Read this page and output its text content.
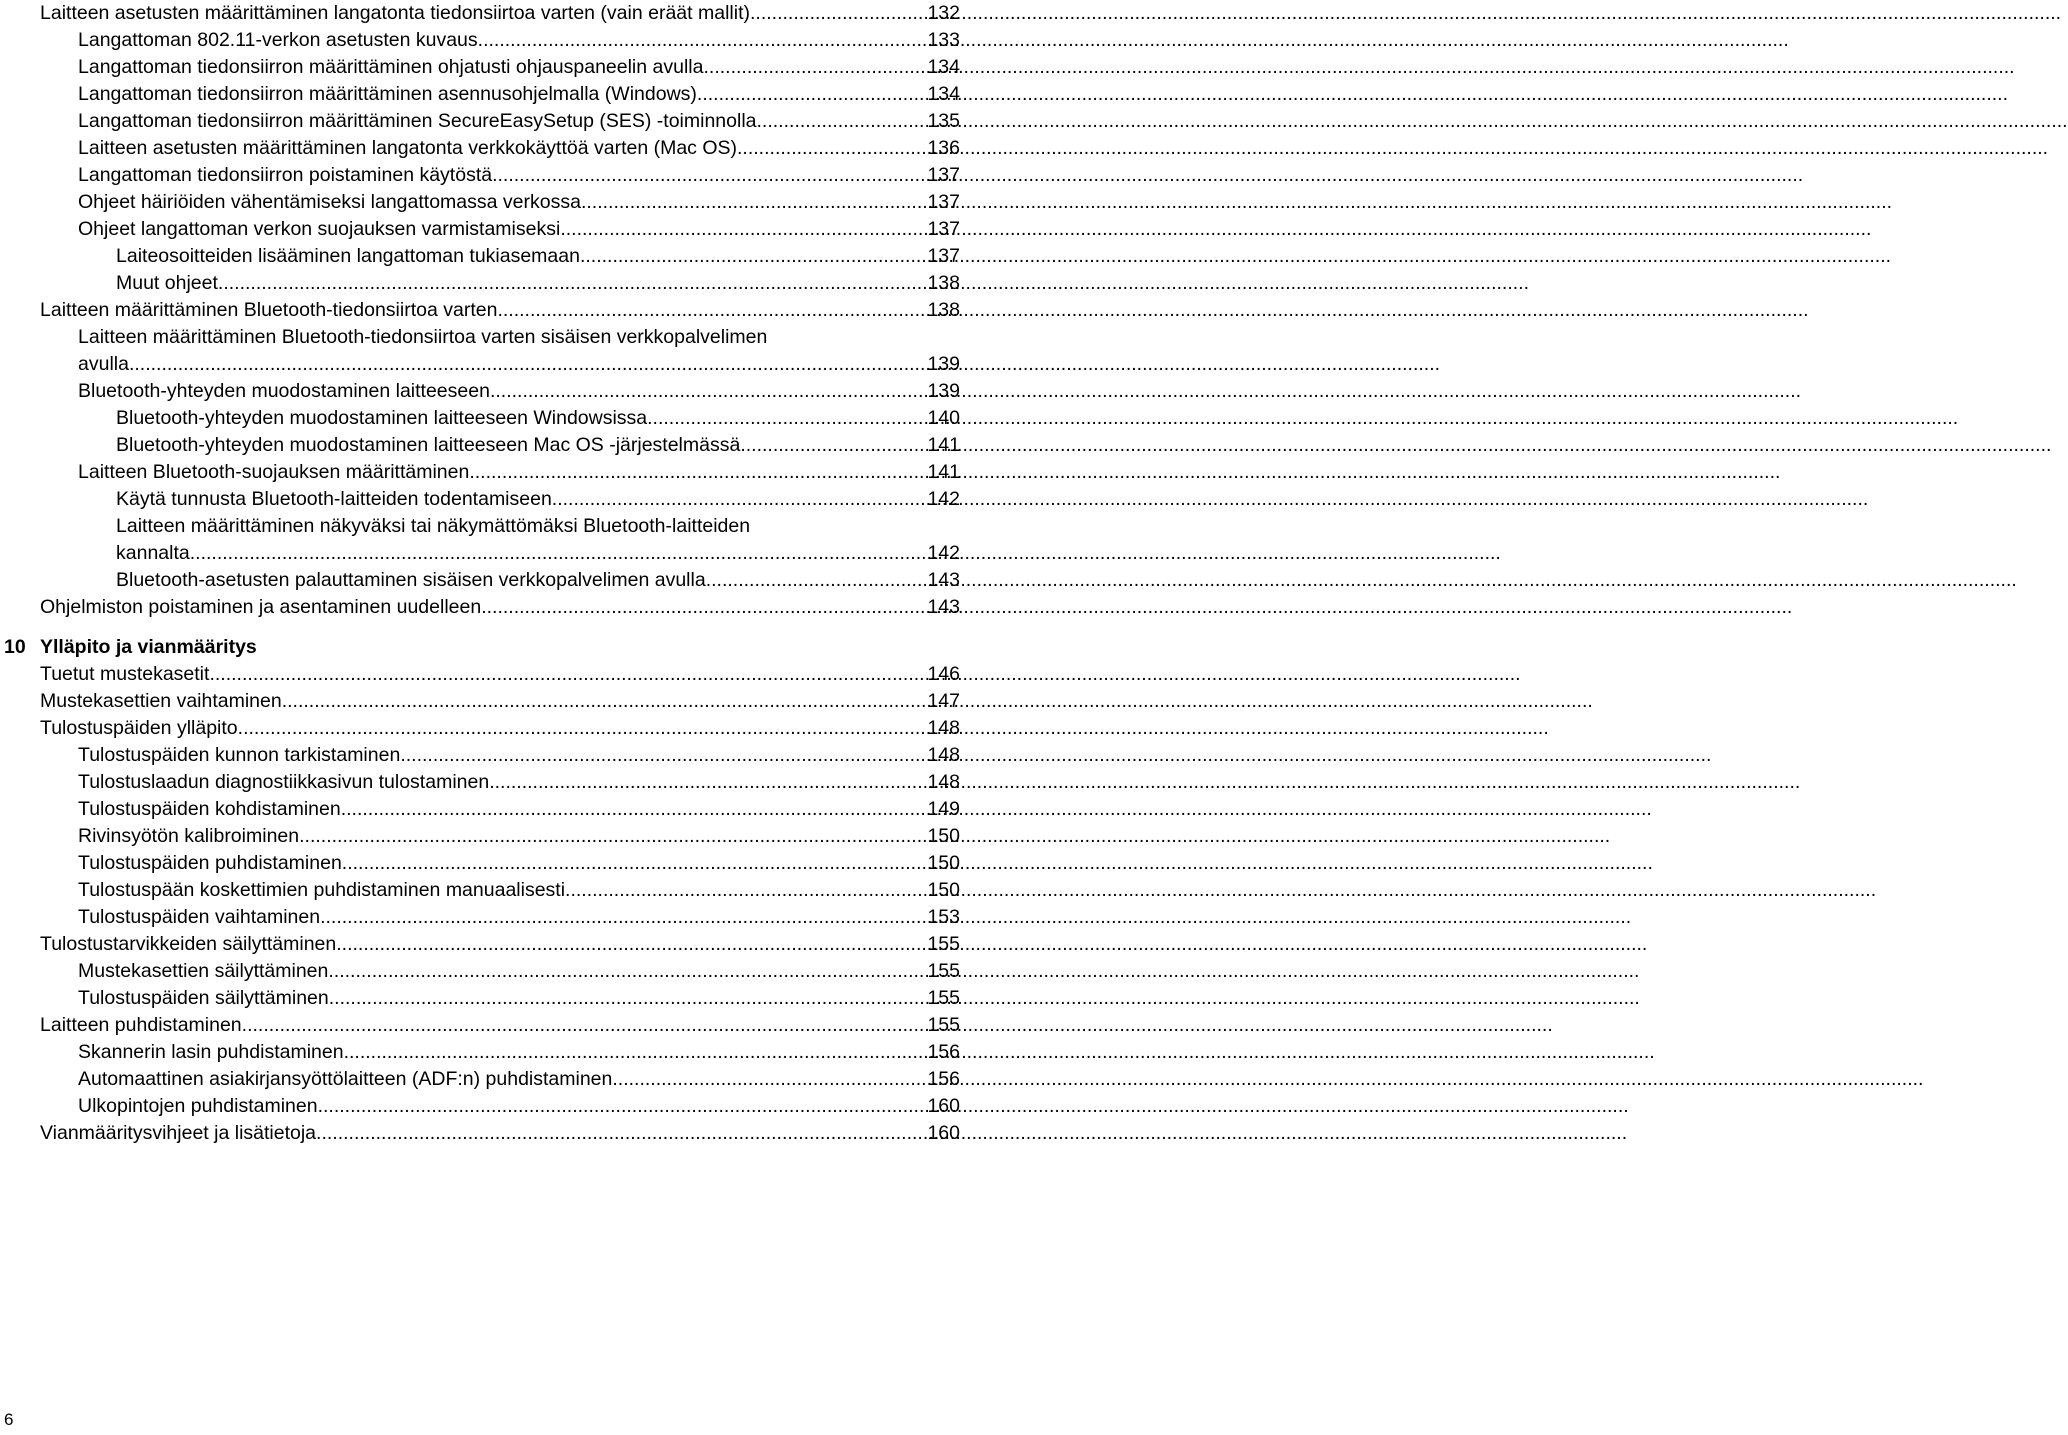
Laitteen asetusten määrittäminen langatonta tiedonsiirtoa varten (vain eräät mallit) .....	132
Langattoman 802.11-verkon asetusten kuvaus .....	133
Langattoman tiedonsiirron määrittäminen ohjatusti ohjauspaneelin avulla .....	134
Langattoman tiedonsiirron määrittäminen asennusohjelmalla (Windows) .....	134
Langattoman tiedonsiirron määrittäminen SecureEasySetup (SES) -toiminnolla .....	135
Laitteen asetusten määrittäminen langatonta verkkokäyttöä varten (Mac OS) .....	136
Langattoman tiedonsiirron poistaminen käytöstä .....	137
Ohjeet häiriöiden vähentämiseksi langattomassa verkossa .....	137
Ohjeet langattoman verkon suojauksen varmistamiseksi .....	137
Laiteosoitteiden lisääminen langattoman tukiasemaan .....	137
Muut ohjeet .....	138
Laitteen määrittäminen Bluetooth-tiedonsiirtoa varten .....	138
Laitteen määrittäminen Bluetooth-tiedonsiirtoa varten sisäisen verkkopalvelimen
avulla .....	139
Bluetooth-yhteyden muodostaminen laitteeseen .....	139
Bluetooth-yhteyden muodostaminen laitteeseen Windowsissa .....	140
Bluetooth-yhteyden muodostaminen laitteeseen Mac OS -järjestelmässä .....	141
Laitteen Bluetooth-suojauksen määrittäminen .....	141
Käytä tunnusta Bluetooth-laitteiden todentamiseen. .....	142
Laitteen määrittäminen näkyväksi tai näkymättömäksi Bluetooth-laitteiden
kannalta .....	142
Bluetooth-asetusten palauttaminen sisäisen verkkopalvelimen avulla .....	143
Ohjelmiston poistaminen ja asentaminen uudelleen .....	143
10 Ylläpito ja vianmääritys
Tuetut mustekasetit .....	146
Mustekasettien vaihtaminen .....	147
Tulostuspäiden ylläpito .....	148
Tulostuspäiden kunnon tarkistaminen .....	148
Tulostuslaadun diagnostiikkasivun tulostaminen .....	148
Tulostuspäiden kohdistaminen .....	149
Rivinsyötön kalibroiminen .....	150
Tulostuspäiden puhdistaminen .....	150
Tulostuspään koskettimien puhdistaminen manuaalisesti .....	150
Tulostuspäiden vaihtaminen .....	153
Tulostustarvikkeiden säilyttäminen .....	155
Mustekasettien säilyttäminen .....	155
Tulostuspäiden säilyttäminen .....	155
Laitteen puhdistaminen .....	155
Skannerin lasin puhdistaminen .....	156
Automaattinen asiakirjansyöttölaitteen (ADF:n) puhdistaminen .....	156
Ulkopintojen puhdistaminen .....	160
Vianmääritysvihjeet ja lisätietoja .....	160
6
